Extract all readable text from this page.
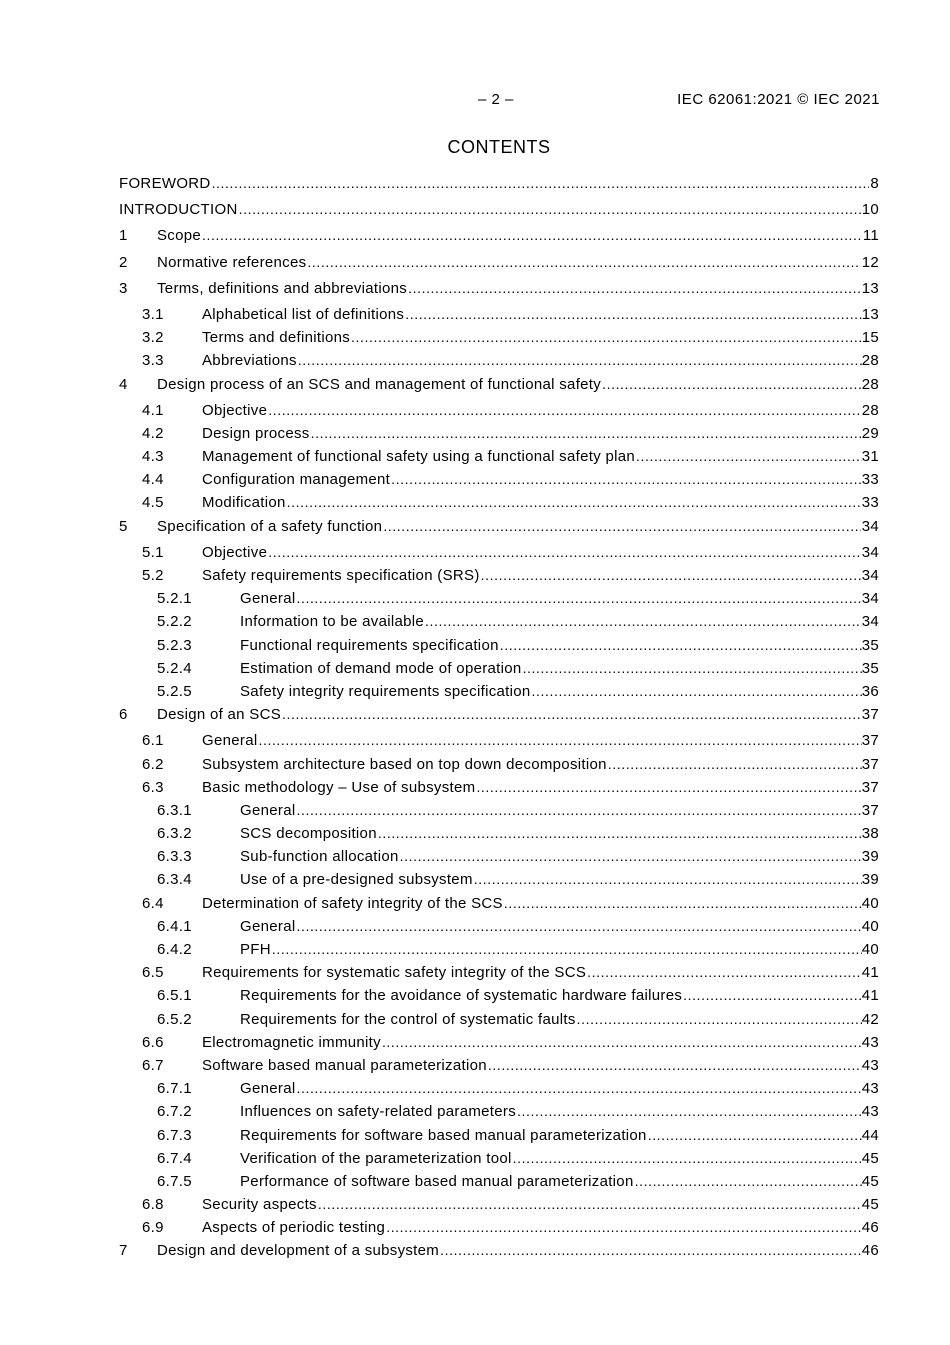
– 2 –	IEC 62061:2021 © IEC 2021
CONTENTS
FOREWORD .....	8
INTRODUCTION .....	10
1	Scope .....	11
2	Normative references .....	12
3	Terms, definitions and abbreviations .....	13
3.1	Alphabetical list of definitions .....	13
3.2	Terms and definitions .....	15
3.3	Abbreviations .....	28
4	Design process of an SCS and management of functional safety .....	28
4.1	Objective .....	28
4.2	Design process .....	29
4.3	Management of functional safety using a functional safety plan .....	31
4.4	Configuration management .....	33
4.5	Modification .....	33
5	Specification of a safety function .....	34
5.1	Objective .....	34
5.2	Safety requirements specification (SRS) .....	34
5.2.1	General .....	34
5.2.2	Information to be available .....	34
5.2.3	Functional requirements specification .....	35
5.2.4	Estimation of demand mode of operation .....	35
5.2.5	Safety integrity requirements specification .....	36
6	Design of an SCS .....	37
6.1	General .....	37
6.2	Subsystem architecture based on top down decomposition .....	37
6.3	Basic methodology – Use of subsystem .....	37
6.3.1	General .....	37
6.3.2	SCS decomposition .....	38
6.3.3	Sub-function allocation .....	39
6.3.4	Use of a pre-designed subsystem .....	39
6.4	Determination of safety integrity of the SCS .....	40
6.4.1	General .....	40
6.4.2	PFH .....	40
6.5	Requirements for systematic safety integrity of the SCS .....	41
6.5.1	Requirements for the avoidance of systematic hardware failures .....	41
6.5.2	Requirements for the control of systematic faults .....	42
6.6	Electromagnetic immunity .....	43
6.7	Software based manual parameterization .....	43
6.7.1	General .....	43
6.7.2	Influences on safety-related parameters .....	43
6.7.3	Requirements for software based manual parameterization .....	44
6.7.4	Verification of the parameterization tool .....	45
6.7.5	Performance of software based manual parameterization .....	45
6.8	Security aspects .....	45
6.9	Aspects of periodic testing .....	46
7	Design and development of a subsystem .....	46
